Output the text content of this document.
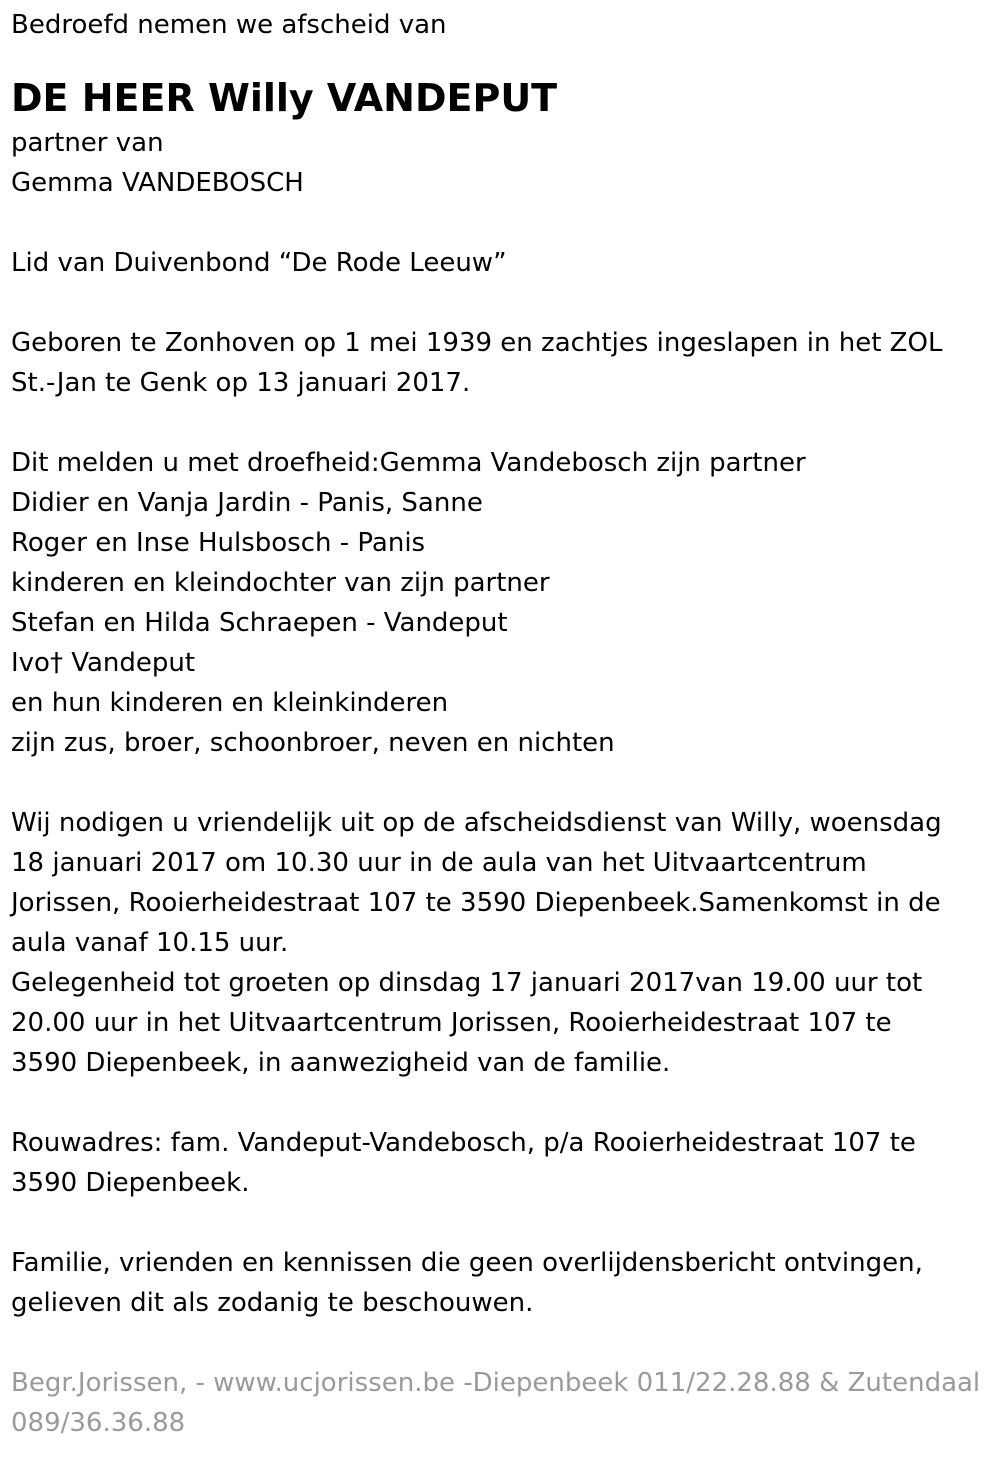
Bedroefd nemen we afscheid van
DE HEER Willy VANDEPUT
partner van
Gemma VANDEBOSCH
Lid van Duivenbond “De Rode Leeuw”
Geboren te Zonhoven op 1 mei 1939 en zachtjes ingeslapen in het ZOL
St.-Jan te Genk op 13 januari 2017.
Dit melden u met droefheid:Gemma Vandebosch zijn partner
Didier en Vanja Jardin - Panis, Sanne
Roger en Inse Hulsbosch - Panis
kinderen en kleindochter van zijn partner
Stefan en Hilda Schraepen - Vandeput
Ivo† Vandeput
en hun kinderen en kleinkinderen
zijn zus, broer, schoonbroer, neven en nichten
Wij nodigen u vriendelijk uit op de afscheidsdienst van Willy, woensdag
18 januari 2017 om 10.30 uur in de aula van het Uitvaartcentrum
Jorissen, Rooierheidestraat 107 te 3590 Diepenbeek.Samenkomst in de
aula vanaf 10.15 uur.
Gelegenheid tot groeten op dinsdag 17 januari 2017van 19.00 uur tot
20.00 uur in het Uitvaartcentrum Jorissen, Rooierheidestraat 107 te
3590 Diepenbeek, in aanwezigheid van de familie.
Rouwadres: fam. Vandeput-Vandebosch, p/a Rooierheidestraat 107 te
3590 Diepenbeek.
Familie, vrienden en kennissen die geen overlijdensbericht ontvingen,
gelieven dit als zodanig te beschouwen.
Begr.Jorissen, - www.ucjorissen.be -Diepenbeek 011/22.28.88 & Zutendaal
089/36.36.88
